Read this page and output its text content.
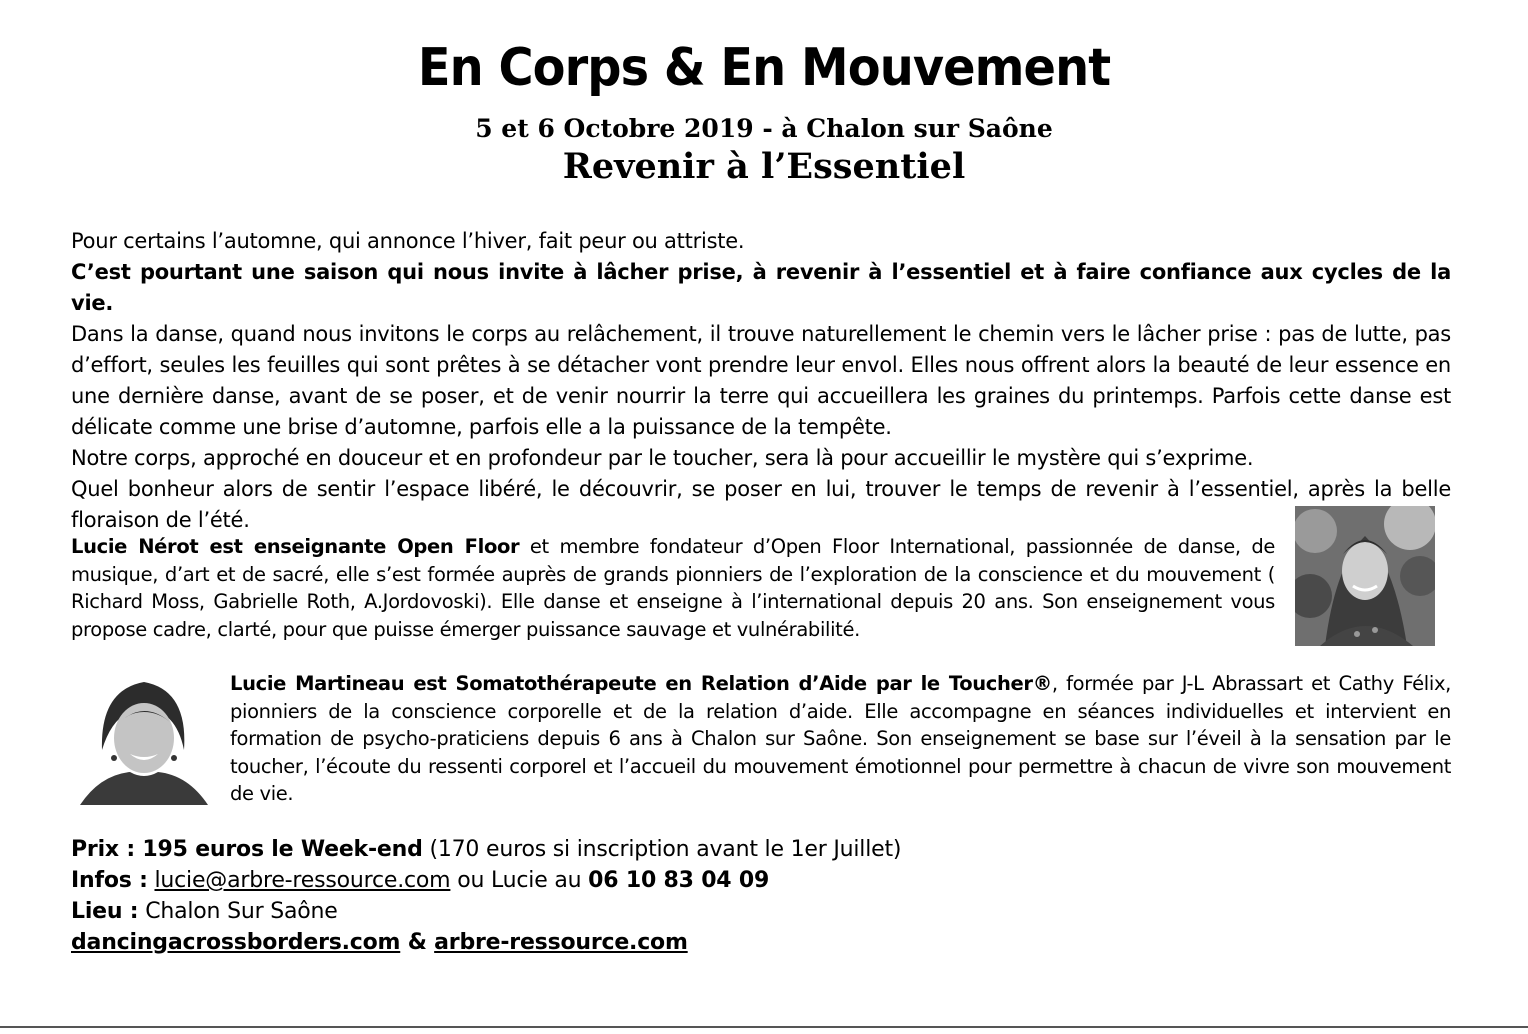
En Corps & En Mouvement
5 et 6 Octobre 2019 - à Chalon sur Saône
Revenir à l’Essentiel

Pour certains l’automne, qui annonce l’hiver, fait peur ou attriste.

C’est pourtant une saison qui nous invite à lâcher prise, à revenir à l’essentiel et à faire confiance aux cycles de la vie.

Dans la danse, quand nous invitons le corps au relâchement, il trouve naturellement le chemin vers le lâcher prise : pas de lutte, pas d’effort, seules les feuilles qui sont prêtes à se détacher vont prendre leur envol. Elles nous offrent alors la beauté de leur essence en une dernière danse, avant de se poser, et de venir nourrir la terre qui accueillera les graines du printemps. Parfois cette danse est délicate comme une brise d’automne, parfois elle a la puissance de la tempête.

Notre corps, approché en douceur et en profondeur par le toucher, sera là pour accueillir le mystère qui s’exprime.

Quel bonheur alors de sentir l’espace libéré, le découvrir, se poser en lui, trouver le temps de revenir à l’essentiel, après la belle floraison de l’été.

Lucie Nérot est enseignante Open Floor et membre fondateur d’Open Floor International, passionnée de danse, de musique, d’art et de sacré, elle s’est formée auprès de grands pionniers de l’exploration de la conscience et du mouvement ( Richard Moss, Gabrielle Roth, A.Jordovoski). Elle danse et enseigne à l’international depuis 20 ans. Son enseignement vous propose cadre, clarté, pour que puisse émerger puissance sauvage et vulnérabilité.
Lucie Martineau est Somatothérapeute en Relation d’Aide par le Toucher®, formée par J-L Abrassart et Cathy Félix, pionniers de la conscience corporelle et de la relation d’aide. Elle accompagne en séances individuelles et intervient en formation de psycho-praticiens depuis 6 ans à Chalon sur Saône. Son enseignement se base sur l’éveil à la sensation par le toucher, l’écoute du ressenti corporel et l’accueil du mouvement émotionnel pour permettre à chacun de vivre son mouvement de vie.
Prix : 195 euros le Week-end (170 euros si inscription avant le 1er Juillet)
Infos : lucie@arbre-ressource.com ou Lucie au 06 10 83 04 09
Lieu : Chalon Sur Saône
dancingacrossborders.com & arbre-ressource.com
